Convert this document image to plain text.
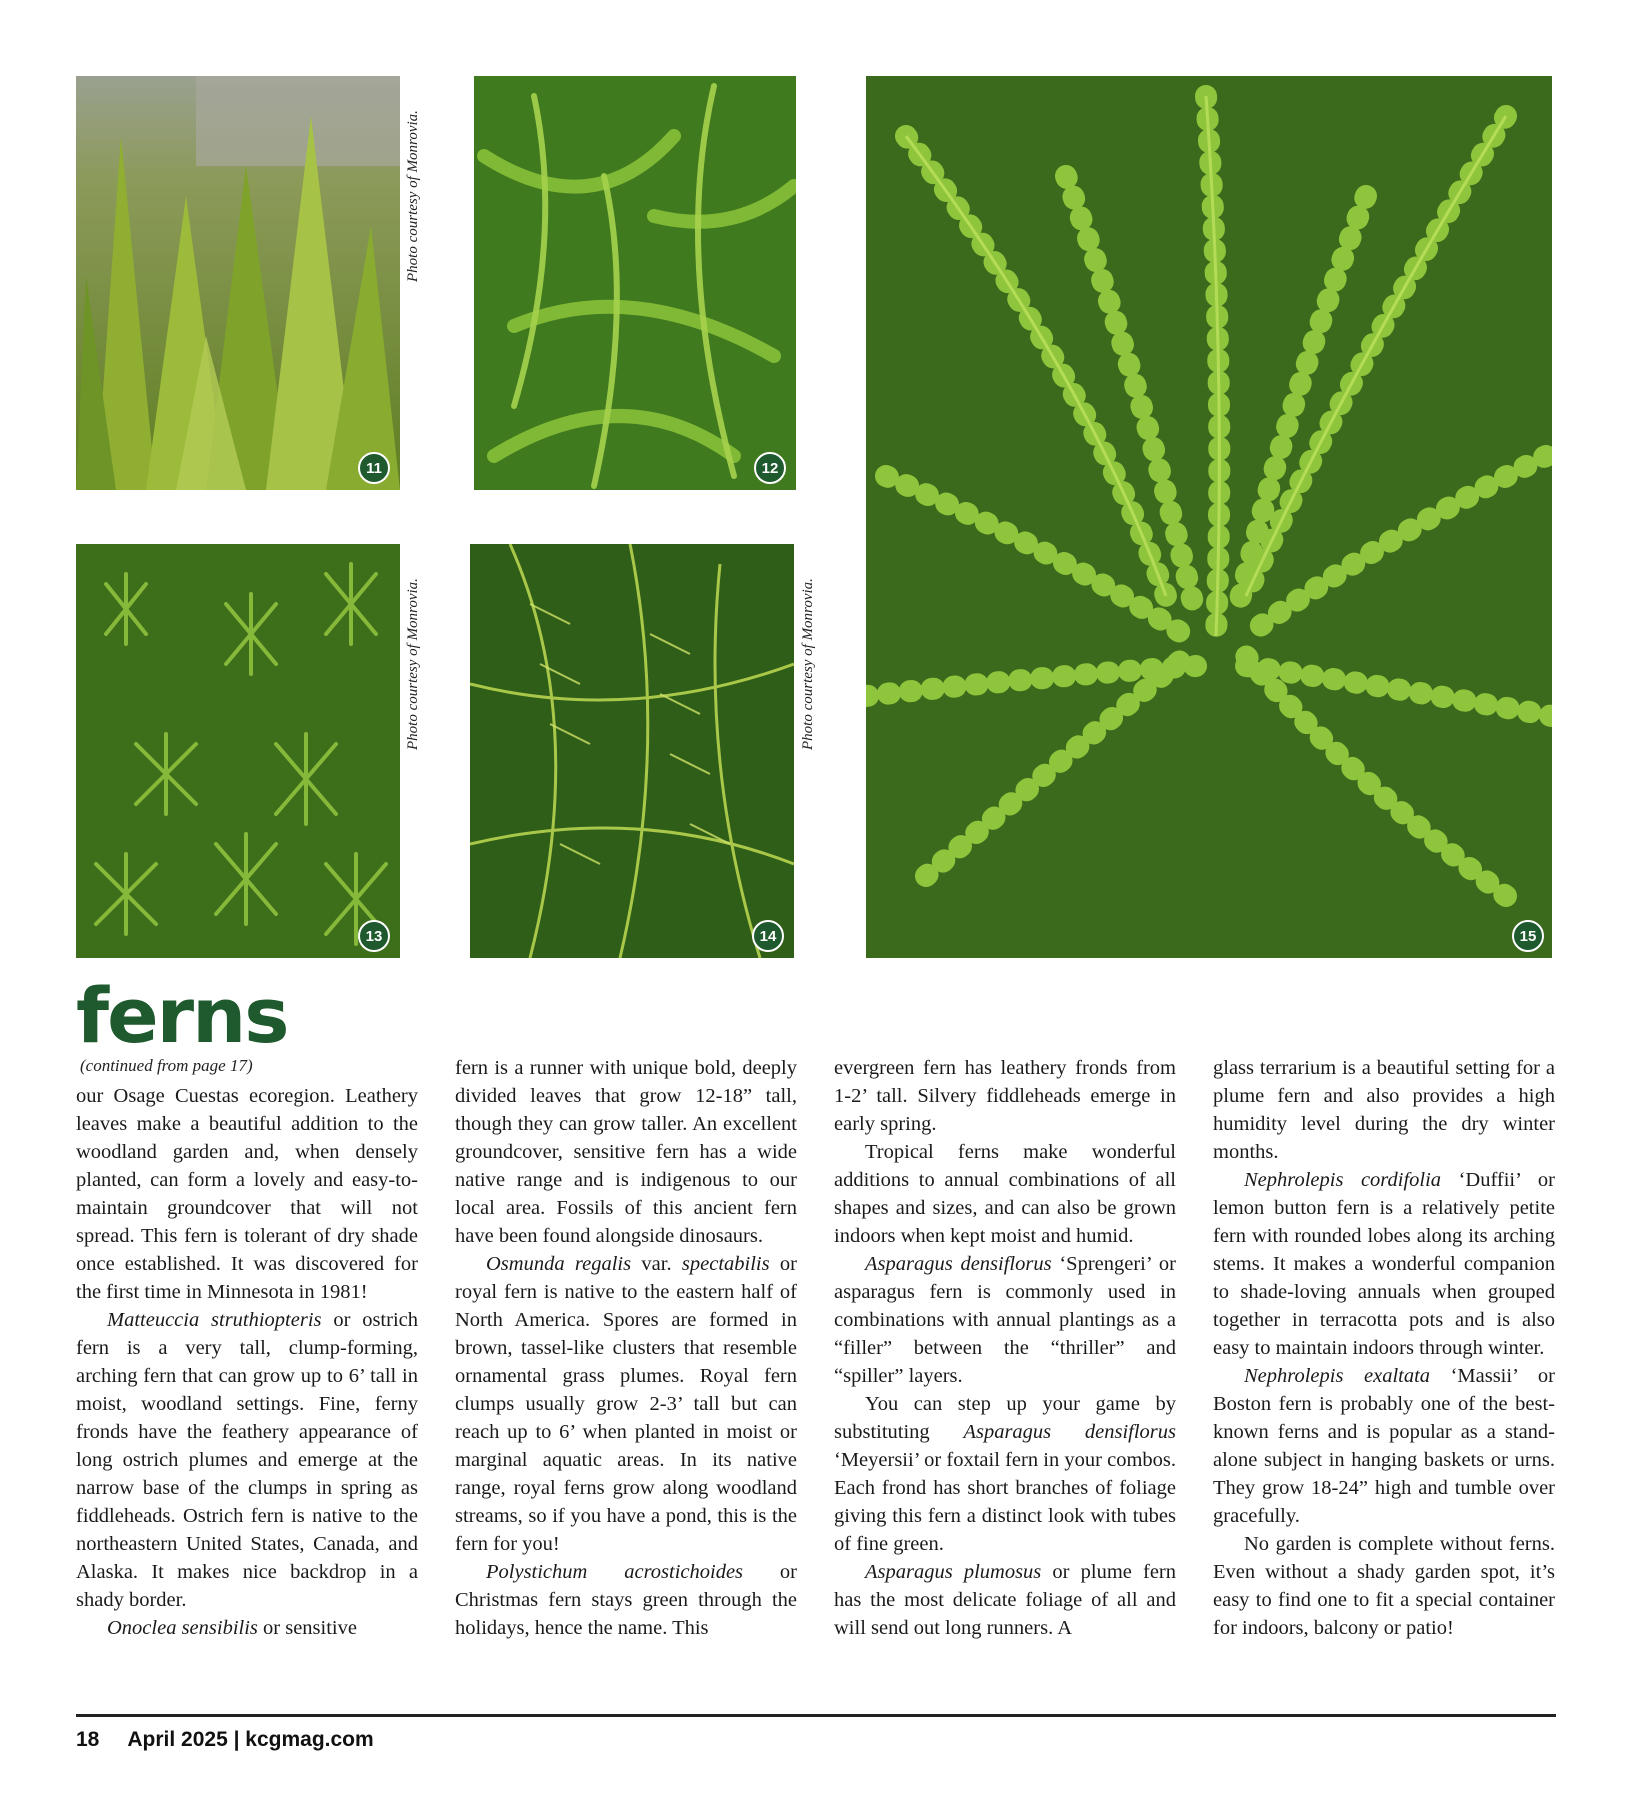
11
Photo courtesy of Monrovia.
12
13
Photo courtesy of Monrovia.
14
Photo courtesy of Monrovia.
15
ferns
(continued from page 17)

our Osage Cuestas ecoregion. Leathery leaves make a beautiful addition to the woodland garden and, when densely planted, can form a lovely and easy-to-maintain groundcover that will not spread. This fern is tolerant of dry shade once established. It was discovered for the first time in Minnesota in 1981!

Matteuccia struthiopteris or ostrich fern is a very tall, clump-forming, arching fern that can grow up to 6’ tall in moist, woodland settings. Fine, ferny fronds have the feathery appearance of long ostrich plumes and emerge at the narrow base of the clumps in spring as fiddleheads. Ostrich fern is native to the northeastern United States, Canada, and Alaska. It makes nice backdrop in a shady border.

Onoclea sensibilis or sensitive

fern is a runner with unique bold, deeply divided leaves that grow 12-18” tall, though they can grow taller. An excellent groundcover, sensitive fern has a wide native range and is indigenous to our local area. Fossils of this ancient fern have been found alongside dinosaurs.

Osmunda regalis var. spectabilis or royal fern is native to the eastern half of North America. Spores are formed in brown, tassel-like clusters that resemble ornamental grass plumes. Royal fern clumps usually grow 2-3’ tall but can reach up to 6’ when planted in moist or marginal aquatic areas. In its native range, royal ferns grow along woodland streams, so if you have a pond, this is the fern for you!

Polystichum acrostichoides or Christmas fern stays green through the holidays, hence the name. This

evergreen fern has leathery fronds from 1-2’ tall. Silvery fiddleheads emerge in early spring.

Tropical ferns make wonderful additions to annual combinations of all shapes and sizes, and can also be grown indoors when kept moist and humid.

Asparagus densiflorus ‘Sprengeri’ or asparagus fern is commonly used in combinations with annual plantings as a “filler” between the “thriller” and “spiller” layers.

You can step up your game by substituting Asparagus densiflorus ‘Meyersii’ or foxtail fern in your combos. Each frond has short branches of foliage giving this fern a distinct look with tubes of fine green.

Asparagus plumosus or plume fern has the most delicate foliage of all and will send out long runners. A

glass terrarium is a beautiful setting for a plume fern and also provides a high humidity level during the dry winter months.

Nephrolepis cordifolia ‘Duffii’ or lemon button fern is a relatively petite fern with rounded lobes along its arching stems. It makes a wonderful companion to shade-loving annuals when grouped together in terracotta pots and is also easy to maintain indoors through winter.

Nephrolepis exaltata ‘Massii’ or Boston fern is probably one of the best-known ferns and is popular as a stand-alone subject in hanging baskets or urns. They grow 18-24” high and tumble over gracefully.

No garden is complete without ferns. Even without a shady garden spot, it’s easy to find one to fit a special container for indoors, balcony or patio!

18 April 2025 | kcgmag.com
